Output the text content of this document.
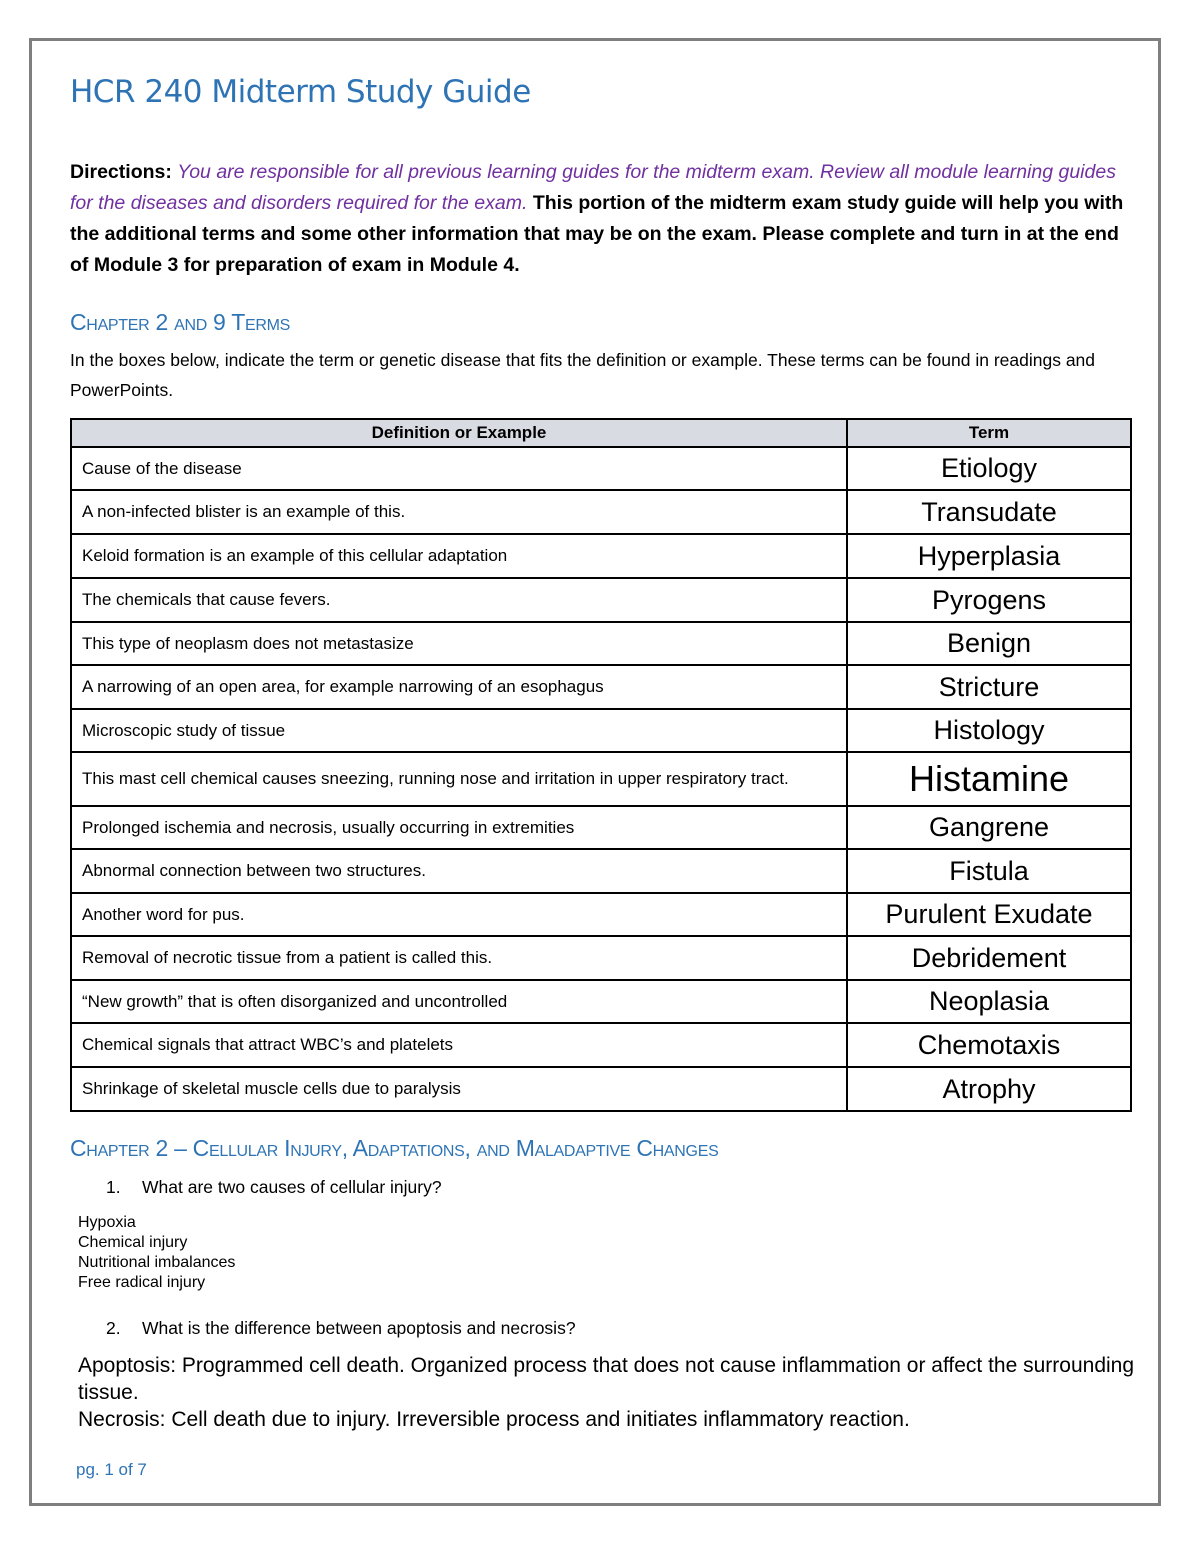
HCR 240 Midterm Study Guide
Directions: You are responsible for all previous learning guides for the midterm exam. Review all module learning guides for the diseases and disorders required for the exam. This portion of the midterm exam study guide will help you with the additional terms and some other information that may be on the exam. Please complete and turn in at the end of Module 3 for preparation of exam in Module 4.
Chapter 2 and 9 Terms
In the boxes below, indicate the term or genetic disease that fits the definition or example. These terms can be found in readings and PowerPoints.
Definition or Example	Term
Cause of the disease	Etiology
A non-infected blister is an example of this.	Transudate
Keloid formation is an example of this cellular adaptation	Hyperplasia
The chemicals that cause fevers.	Pyrogens
This type of neoplasm does not metastasize	Benign
A narrowing of an open area, for example narrowing of an esophagus	Stricture
Microscopic study of tissue	Histology
This mast cell chemical causes sneezing, running nose and irritation in upper respiratory tract.	Histamine
Prolonged ischemia and necrosis, usually occurring in extremities	Gangrene
Abnormal connection between two structures.	Fistula
Another word for pus.	Purulent Exudate
Removal of necrotic tissue from a patient is called this.	Debridement
“New growth” that is often disorganized and uncontrolled	Neoplasia
Chemical signals that attract WBC’s and platelets	Chemotaxis
Shrinkage of skeletal muscle cells due to paralysis	Atrophy
Chapter 2 – Cellular Injury, Adaptations, and Maladaptive Changes
1. What are two causes of cellular injury?
Hypoxia
Chemical injury
Nutritional imbalances
Free radical injury
2. What is the difference between apoptosis and necrosis?
Apoptosis: Programmed cell death. Organized process that does not cause inflammation or affect the surrounding tissue.
Necrosis: Cell death due to injury. Irreversible process and initiates inflammatory reaction.
pg. 1 of 7
